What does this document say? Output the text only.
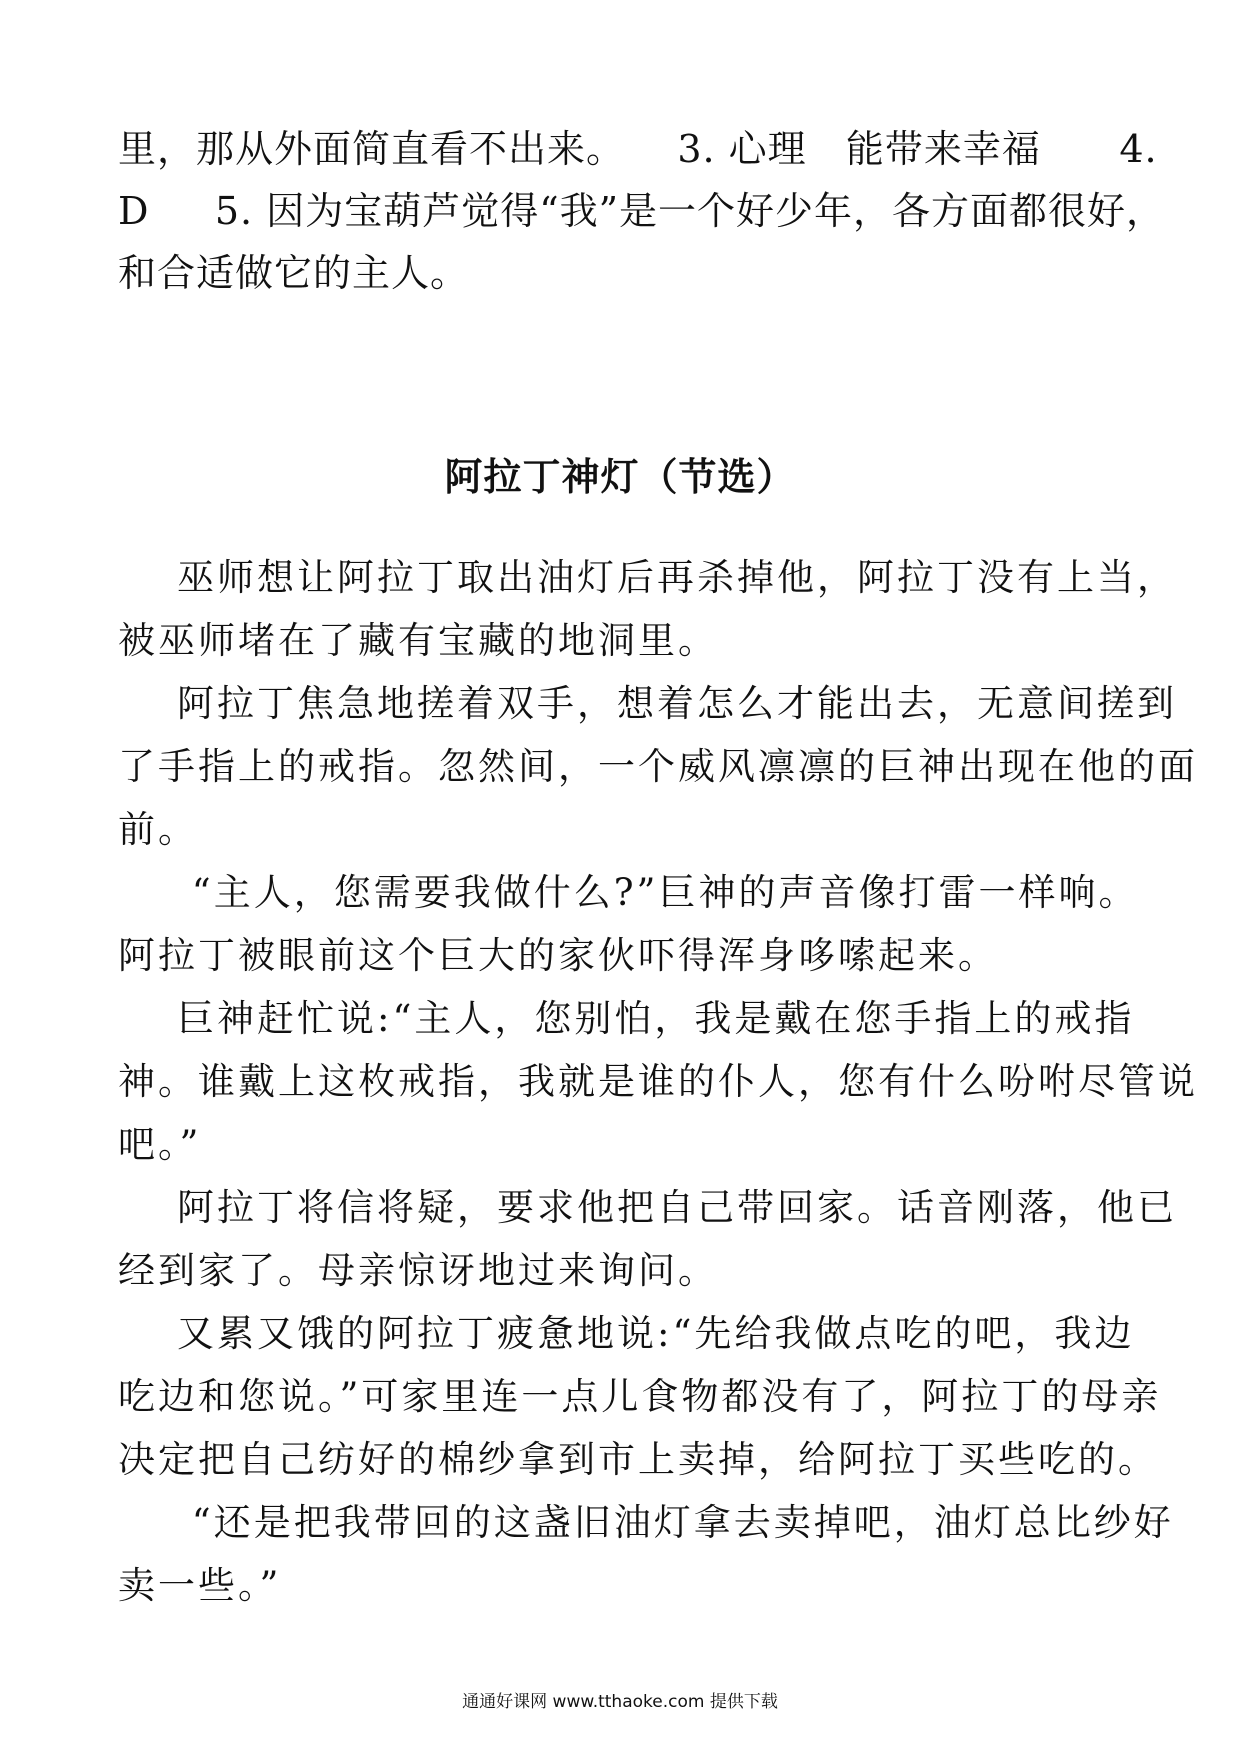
里，那从外面简直看不出来。    3. 心理   能带来幸福      4.
D     5. 因为宝葫芦觉得“我”是一个好少年，各方面都很好，
和合适做它的主人。
阿拉丁神灯（节选）
巫师想让阿拉丁取出油灯后再杀掉他，阿拉丁没有上当，
被巫师堵在了藏有宝藏的地洞里。
阿拉丁焦急地搓着双手，想着怎么才能出去，无意间搓到
了手指上的戒指。忽然间，一个威风凛凛的巨神出现在他的面
前。
“主人，您需要我做什么?”巨神的声音像打雷一样响。
阿拉丁被眼前这个巨大的家伙吓得浑身哆嗦起来。
巨神赶忙说:“主人，您别怕，我是戴在您手指上的戒指
神。谁戴上这枚戒指，我就是谁的仆人，您有什么吩咐尽管说
吧。”
阿拉丁将信将疑，要求他把自己带回家。话音刚落，他已
经到家了。母亲惊讶地过来询问。
又累又饿的阿拉丁疲惫地说:“先给我做点吃的吧，我边
吃边和您说。”可家里连一点儿食物都没有了，阿拉丁的母亲
决定把自己纺好的棉纱拿到市上卖掉，给阿拉丁买些吃的。
“还是把我带回的这盏旧油灯拿去卖掉吧，油灯总比纱好
卖一些。”
通通好课网 www.tthaoke.com 提供下载
